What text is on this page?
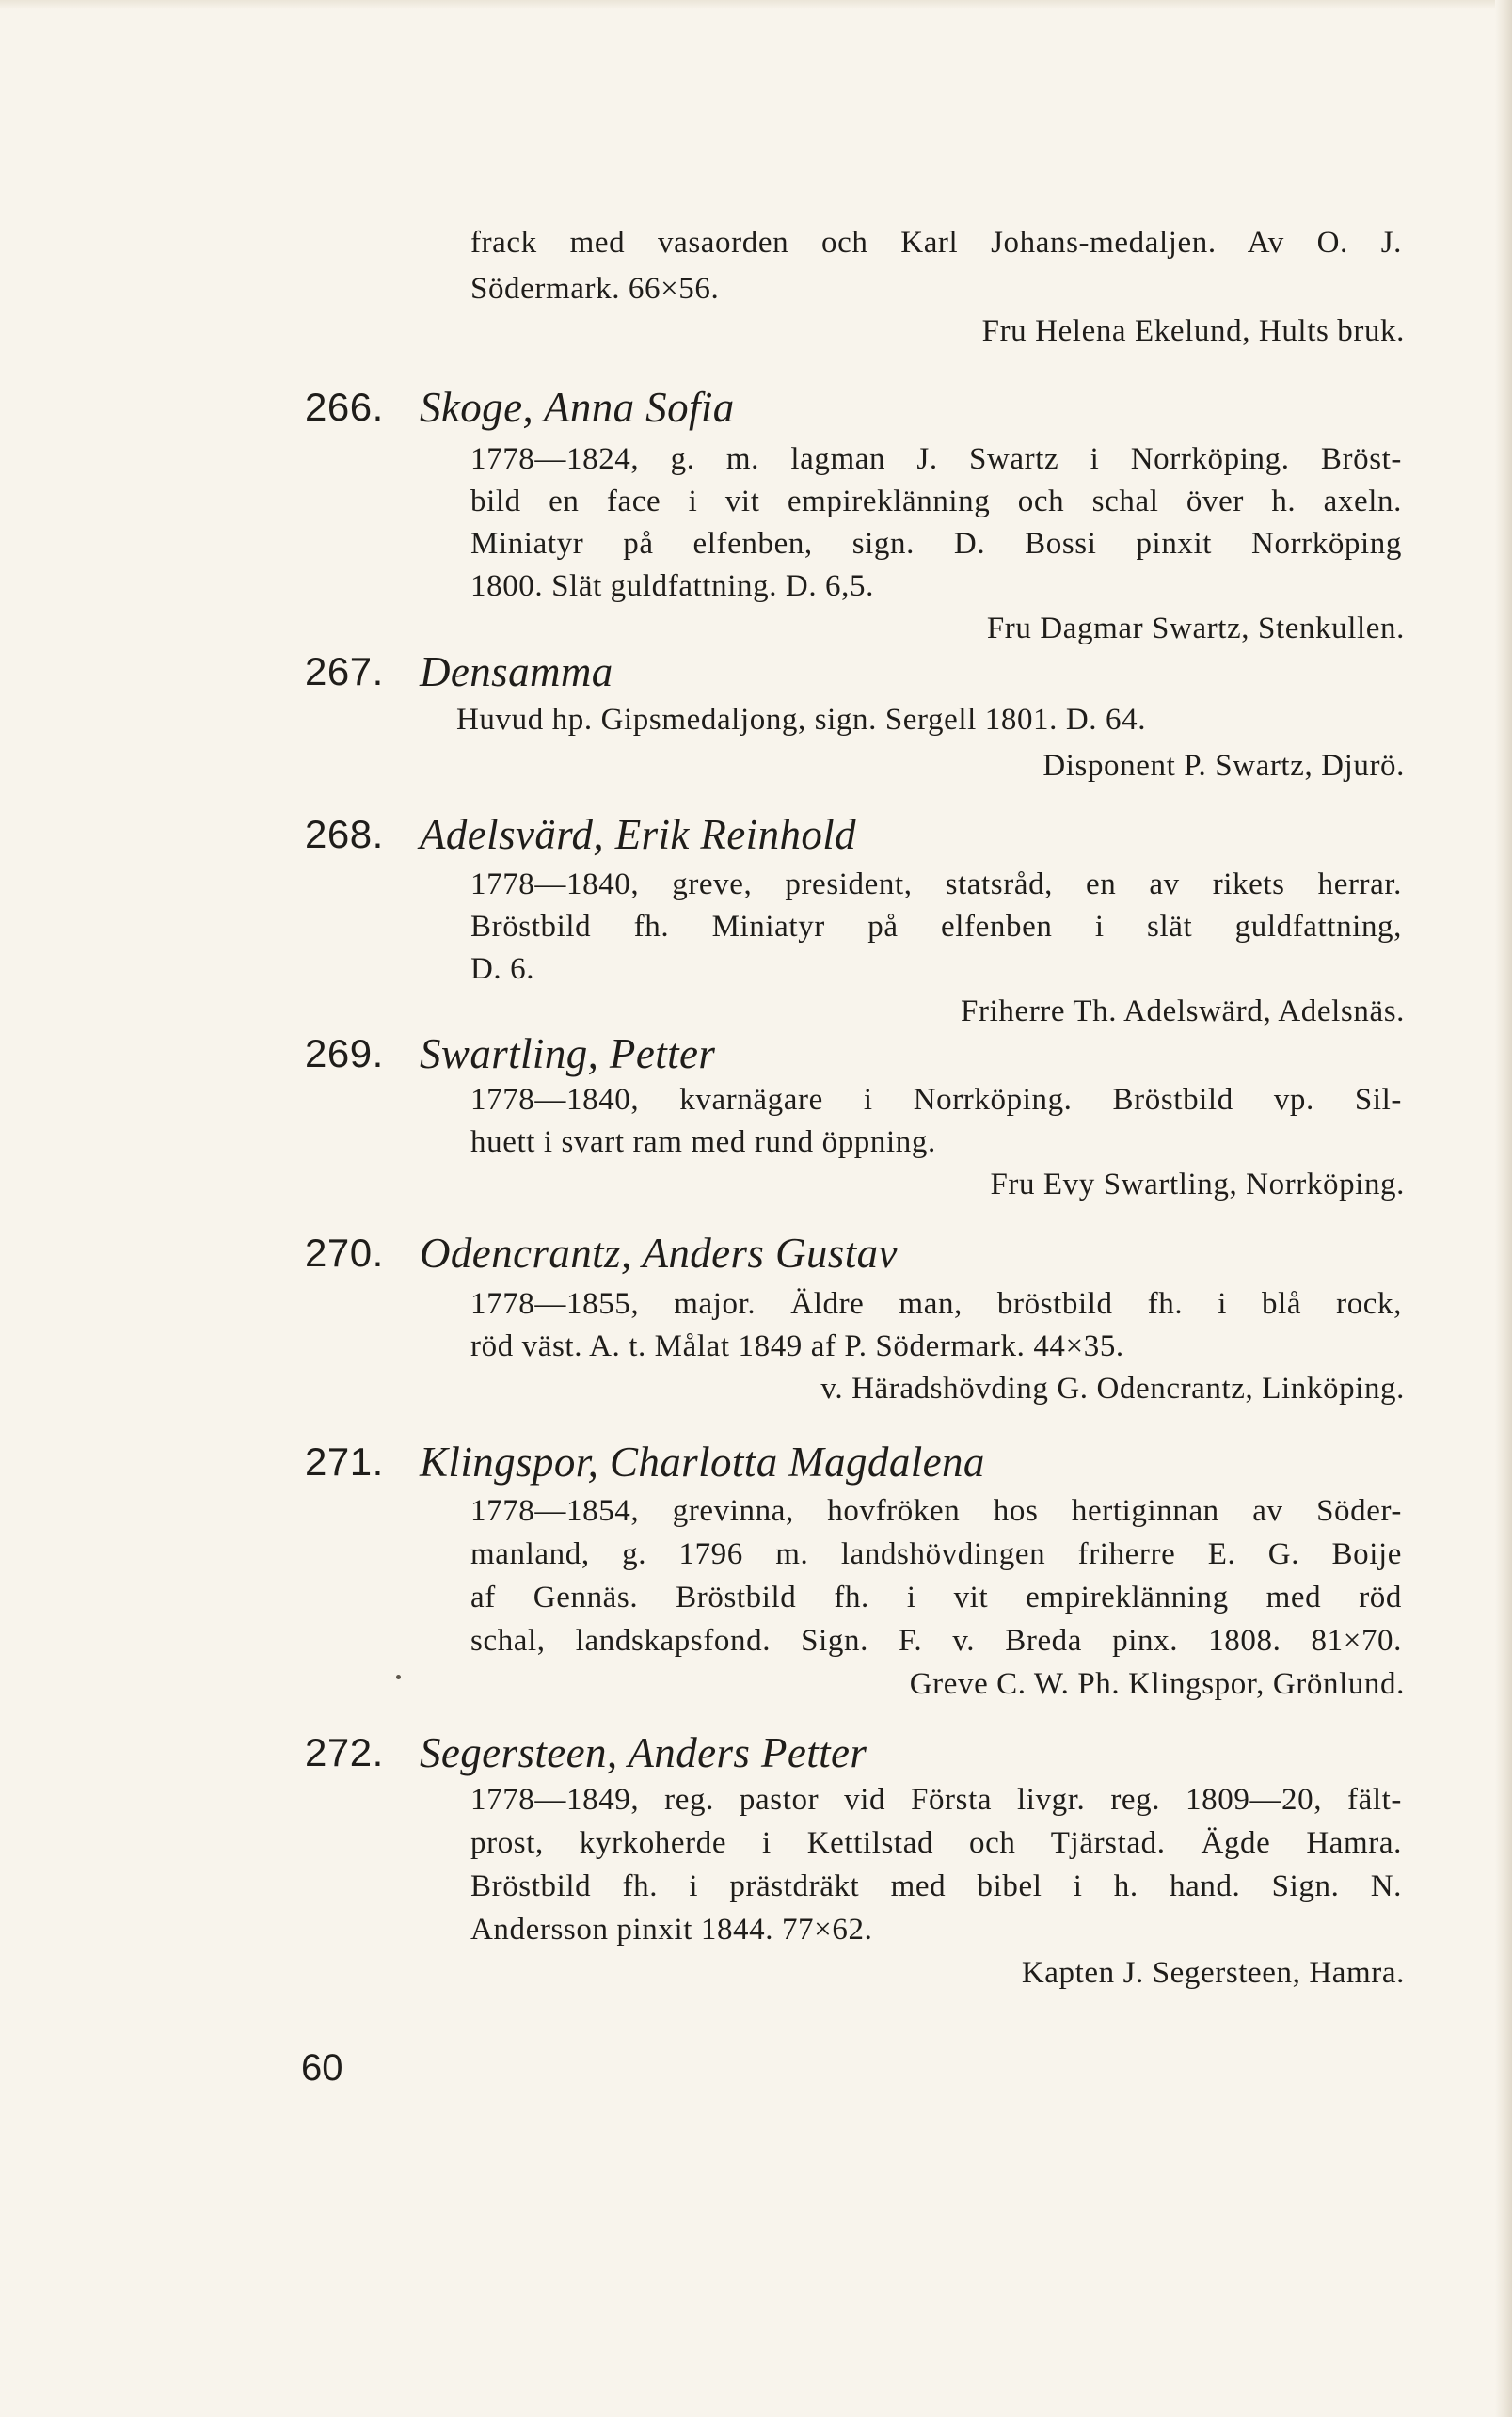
frack med vasaorden och Karl Johans-medaljen. Av O. J.
Södermark. 66×56.
Fru Helena Ekelund, Hults bruk.
266. Skoge, Anna Sofia
1778—1824, g. m. lagman J. Swartz i Norrköping. Bröst-
bild en face i vit empireklänning och schal över h. axeln.
Miniatyr på elfenben, sign. D. Bossi pinxit Norrköping
1800. Slät guldfattning. D. 6,5.
Fru Dagmar Swartz, Stenkullen.
267. Densamma
Huvud hp. Gipsmedaljong, sign. Sergell 1801. D. 64.
Disponent P. Swartz, Djurö.
268. Adelsvärd, Erik Reinhold
1778—1840, greve, president, statsråd, en av rikets herrar.
Bröstbild fh. Miniatyr på elfenben i slät guldfattning,
D. 6.
Friherre Th. Adelswärd, Adelsnäs.
269. Swartling, Petter
1778—1840, kvarnägare i Norrköping. Bröstbild vp. Sil-
huett i svart ram med rund öppning.
Fru Evy Swartling, Norrköping.
270. Odencrantz, Anders Gustav
1778—1855, major. Äldre man, bröstbild fh. i blå rock,
röd väst. A. t. Målat 1849 af P. Södermark. 44×35.
v. Häradshövding G. Odencrantz, Linköping.
271. Klingspor, Charlotta Magdalena
1778—1854, grevinna, hovfröken hos hertiginnan av Söder-
manland, g. 1796 m. landshövdingen friherre E. G. Boije
af Gennäs. Bröstbild fh. i vit empireklänning med röd
schal, landskapsfond. Sign. F. v. Breda pinx. 1808. 81×70.
Greve C. W. Ph. Klingspor, Grönlund.
272. Segersteen, Anders Petter
1778—1849, reg. pastor vid Första livgr. reg. 1809—20, fält-
prost, kyrkoherde i Kettilstad och Tjärstad. Ägde Hamra.
Bröstbild fh. i prästdräkt med bibel i h. hand. Sign. N.
Andersson pinxit 1844. 77×62.
Kapten J. Segersteen, Hamra.
60
